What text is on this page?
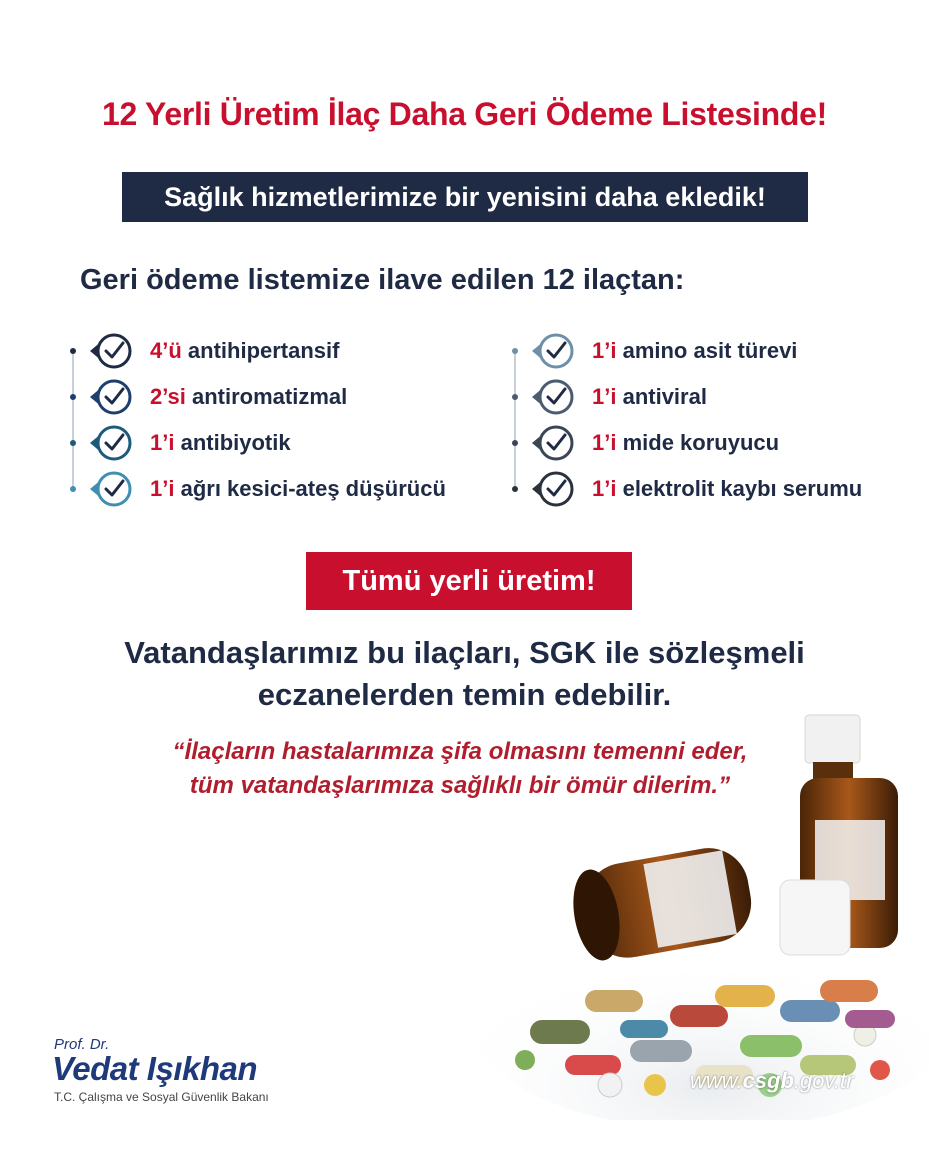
12 Yerli Üretim İlaç Daha Geri Ödeme Listesinde!
Sağlık hizmetlerimize bir yenisini daha ekledik!
Geri ödeme listemize ilave edilen 12 ilaçtan:
4’ü antihipertansif
2’si antiromatizmal
1’i antibiyotik
1’i ağrı kesici-ateş düşürücü
1’i amino asit türevi
1’i antiviral
1’i mide koruyucu
1’i elektrolit kaybı serumu
Tümü yerli üretim!
Vatandaşlarımız bu ilaçları, SGK ile sözleşmeli
eczanelerden temin edebilir.
“İlaçların hastalarımıza şifa olmasını temenni eder,
tüm vatandaşlarımıza sağlıklı bir ömür dilerim.”
www.csgb.gov.tr
Prof. Dr.
Vedat Işıkhan
T.C. Çalışma ve Sosyal Güvenlik Bakanı
